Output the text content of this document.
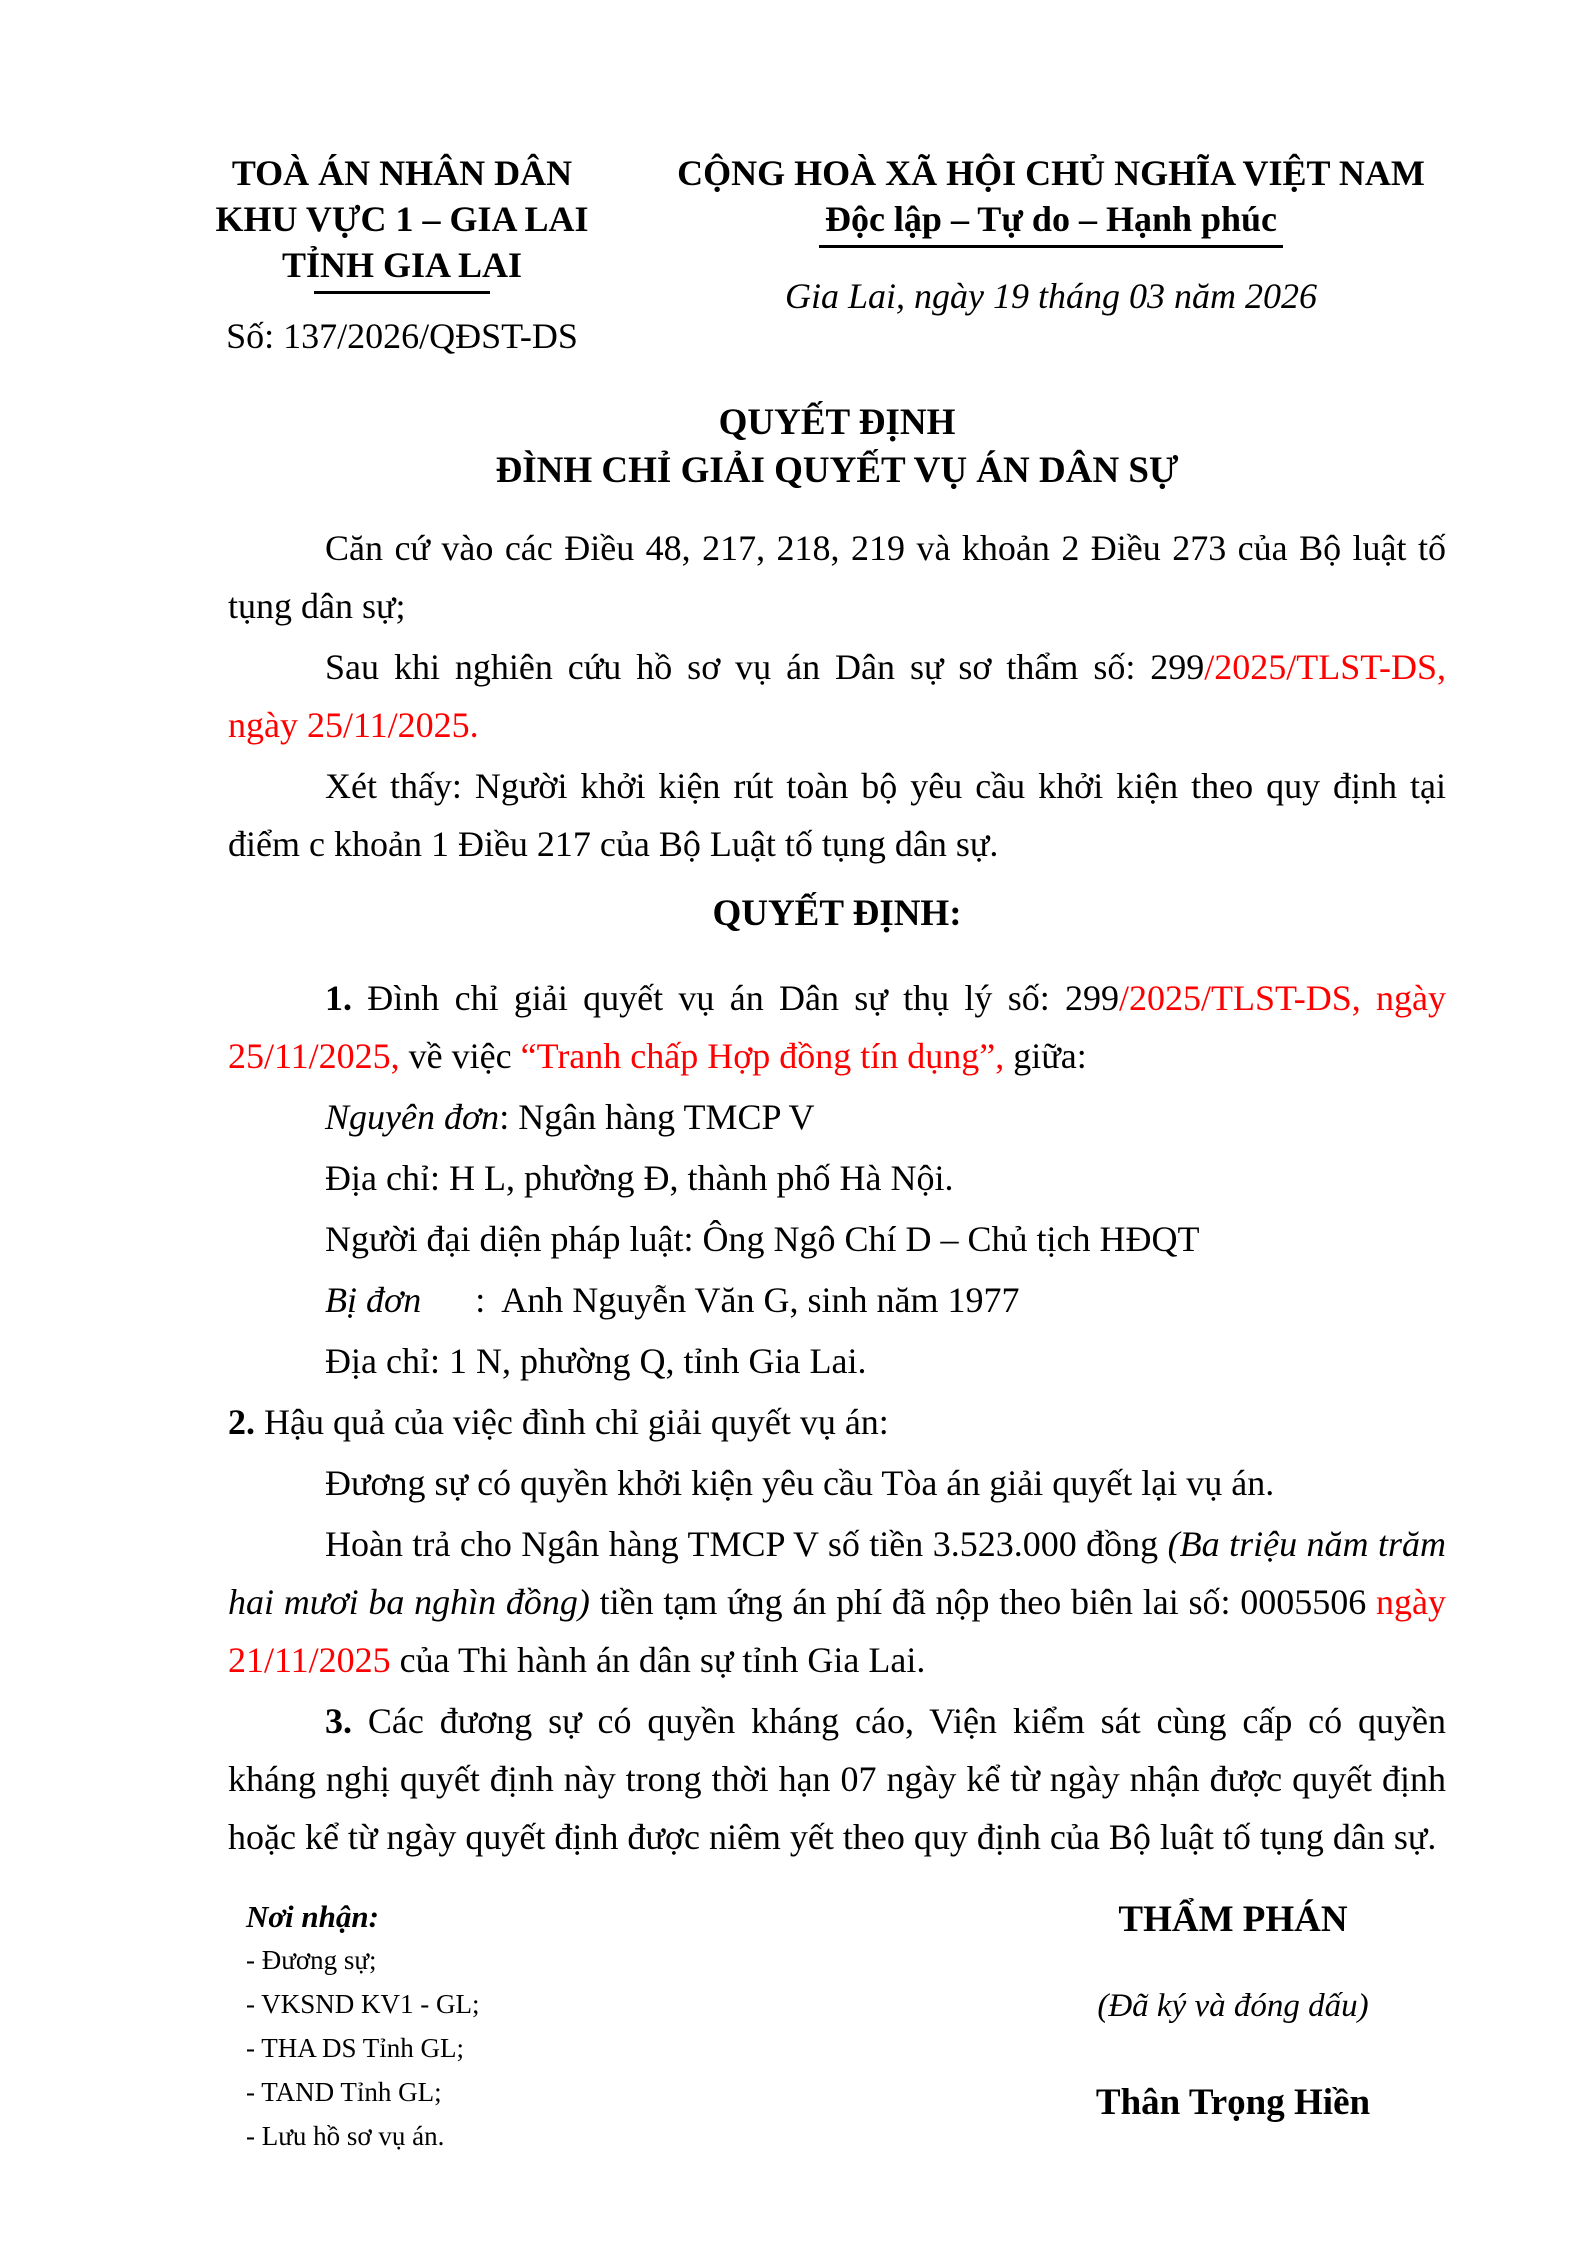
TOÀ ÁN NHÂN DÂN
KHU VỰC 1 – GIA LAI
TỈNH GIA LAI
Số: 137/2026/QĐST-DS
CỘNG HOÀ XÃ HỘI CHỦ NGHĨA VIỆT NAM
Độc lập – Tự do – Hạnh phúc
Gia Lai, ngày 19 tháng 03 năm 2026
QUYẾT ĐỊNH
ĐÌNH CHỈ GIẢI QUYẾT VỤ ÁN DÂN SỰ

Căn cứ vào các Điều 48, 217, 218, 219 và khoản 2 Điều 273 của Bộ luật tố tụng dân sự;

Sau khi nghiên cứu hồ sơ vụ án Dân sự sơ thẩm số: 299/2025/TLST-DS, ngày 25/11/2025.

Xét thấy: Người khởi kiện rút toàn bộ yêu cầu khởi kiện theo quy định tại điểm c khoản 1 Điều 217 của Bộ Luật tố tụng dân sự.

QUYẾT ĐỊNH:

1. Đình chỉ giải quyết vụ án Dân sự thụ lý số: 299/2025/TLST-DS, ngày 25/11/2025, về việc “Tranh chấp Hợp đồng tín dụng”, giữa:

Nguyên đơn: Ngân hàng TMCP V

Địa chỉ: H L, phường Đ, thành phố Hà Nội.

Người đại diện pháp luật: Ông Ngô Chí D – Chủ tịch HĐQT

Bị đơn      :  Anh Nguyễn Văn G, sinh năm 1977

Địa chỉ: 1 N, phường Q, tỉnh Gia Lai.

2. Hậu quả của việc đình chỉ giải quyết vụ án:

Đương sự có quyền khởi kiện yêu cầu Tòa án giải quyết lại vụ án.

Hoàn trả cho Ngân hàng TMCP V số tiền 3.523.000 đồng (Ba triệu năm trăm hai mươi ba nghìn đồng) tiền tạm ứng án phí đã nộp theo biên lai số: 0005506 ngày 21/11/2025 của Thi hành án dân sự tỉnh Gia Lai.

3. Các đương sự có quyền kháng cáo, Viện kiểm sát cùng cấp có quyền kháng nghị quyết định này trong thời hạn 07 ngày kể từ ngày nhận được quyết định hoặc kể từ ngày quyết định được niêm yết theo quy định của Bộ luật tố tụng dân sự.

Nơi nhận:
- Đương sự;
- VKSND KV1 - GL;
- THA DS Tỉnh GL;
- TAND Tỉnh GL;
- Lưu hồ sơ vụ án.
THẨM PHÁN
(Đã ký và đóng dấu)
Thân Trọng Hiền
